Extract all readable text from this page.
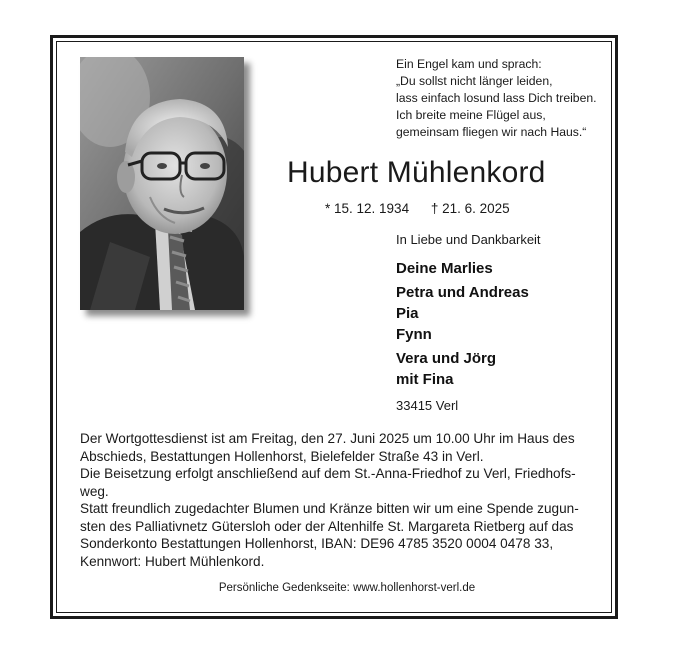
Ein Engel kam und sprach:
„Du sollst nicht länger leiden,
lass einfach losund lass Dich treiben.
Ich breite meine Flügel aus,
gemeinsam fliegen wir nach Haus.“
Hubert Mühlenkord
* 15. 12. 1934 † 21. 6. 2025
In Liebe und Dankbarkeit
Deine Marlies
Petra und Andreas
Pia
Fynn
Vera und Jörg
mit Fina
33415 Verl
Der Wortgottesdienst ist am Freitag, den 27. Juni 2025 um 10.00 Uhr im Haus des
Abschieds, Bestattungen Hollenhorst, Bielefelder Straße 43 in Verl.
Die Beisetzung erfolgt anschließend auf dem St.-Anna-Friedhof zu Verl, Friedhofs-
weg.
Statt freundlich zugedachter Blumen und Kränze bitten wir um eine Spende zugun-
sten des Palliativnetz Gütersloh oder der Altenhilfe St. Margareta Rietberg auf das
Sonderkonto Bestattungen Hollenhorst, IBAN: DE96 4785 3520 0004 0478 33,
Kennwort: Hubert Mühlenkord.
Persönliche Gedenkseite: www.hollenhorst-verl.de
